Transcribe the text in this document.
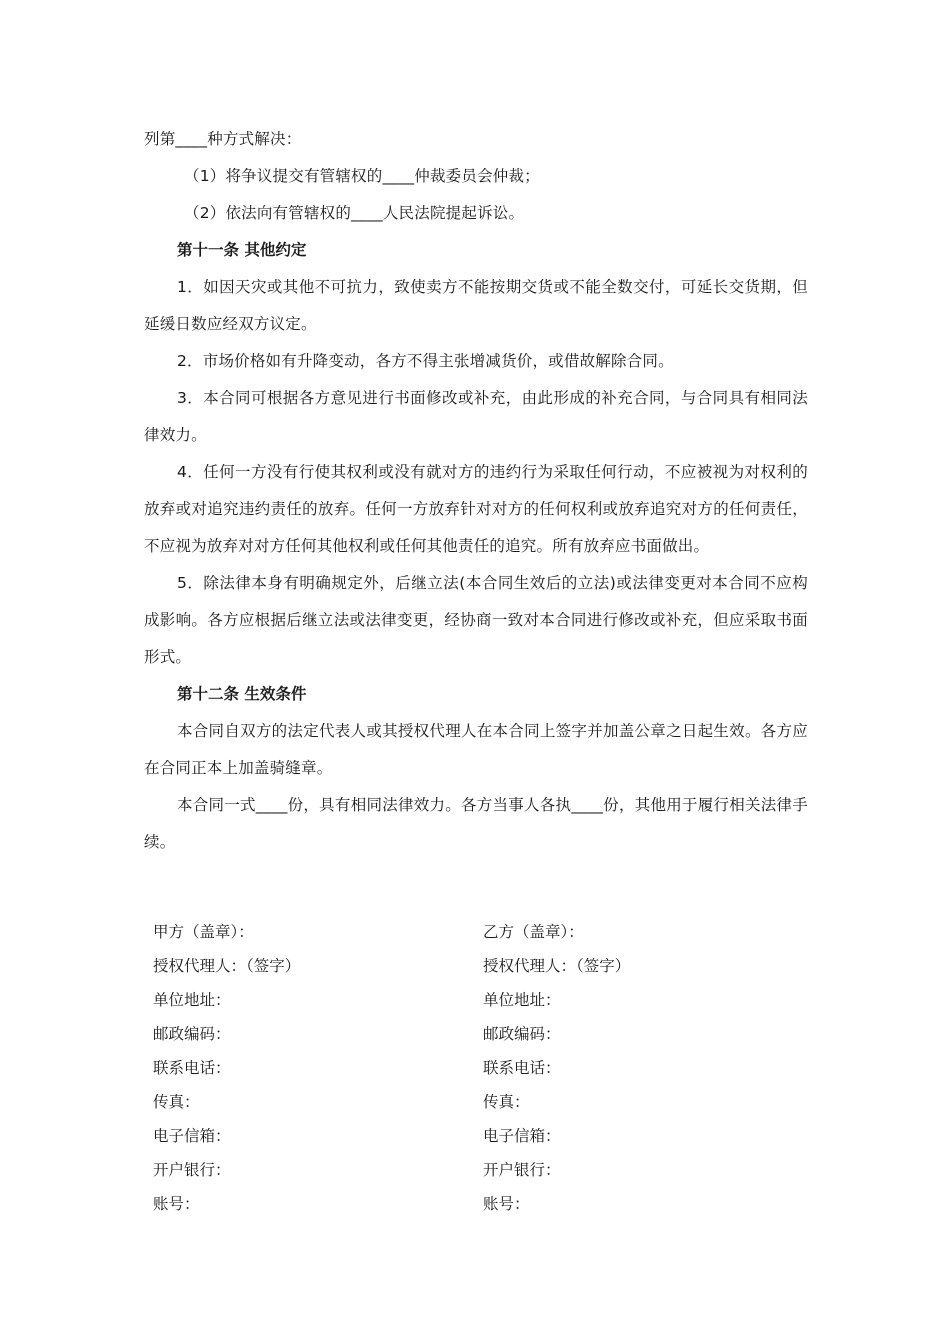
列第____种方式解决：

（1）将争议提交有管辖权的____仲裁委员会仲裁；

（2）依法向有管辖权的____人民法院提起诉讼。

第十一条 其他约定

1．如因天灾或其他不可抗力，致使卖方不能按期交货或不能全数交付，可延长交货期，但延缓日数应经双方议定。

2．市场价格如有升降变动，各方不得主张增减货价，或借故解除合同。

3．本合同可根据各方意见进行书面修改或补充，由此形成的补充合同，与合同具有相同法律效力。

4．任何一方没有行使其权利或没有就对方的违约行为采取任何行动，不应被视为对权利的放弃或对追究违约责任的放弃。任何一方放弃针对对方的任何权利或放弃追究对方的任何责任，不应视为放弃对对方任何其他权利或任何其他责任的追究。所有放弃应书面做出。

5．除法律本身有明确规定外，后继立法(本合同生效后的立法)或法律变更对本合同不应构成影响。各方应根据后继立法或法律变更，经协商一致对本合同进行修改或补充，但应采取书面形式。

第十二条 生效条件

本合同自双方的法定代表人或其授权代理人在本合同上签字并加盖公章之日起生效。各方应在合同正本上加盖骑缝章。

本合同一式____份，具有相同法律效力。各方当事人各执____份，其他用于履行相关法律手续。

甲方（盖章）：	乙方（盖章）：
授权代理人：（签字）	授权代理人：（签字）
单位地址：	单位地址：
邮政编码：	邮政编码：
联系电话：	联系电话：
传真：	传真：
电子信箱：	电子信箱：
开户银行：	开户银行：
账号：	账号：
